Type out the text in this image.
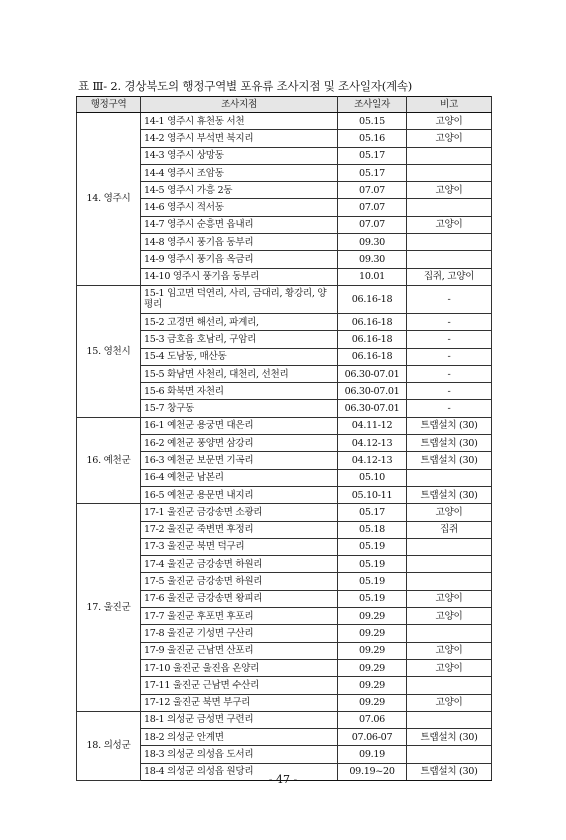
표 Ⅲ- 2. 경상북도의 행정구역별 포유류 조사지점 및 조사일자(계속)
행정구역	조사지점	조사일자	비고
14. 영주시	14-1 영주시 휴천동 서천	05.15	고양이
	14-2 영주시 부석면 북지리	05.16	고양이
	14-3 영주시 상망동	05.17	
	14-4 영주시 조암동	05.17	
	14-5 영주시 가흥 2동	07.07	고양이
	14-6 영주시 적서동	07.07	
	14-7 영주시 순흥면 읍내리	07.07	고양이
	14-8 영주시 풍기읍 동부리	09.30	
	14-9 영주시 풍기읍 옥금리	09.30	
	14-10 영주시 풍기읍 동부리	10.01	집쥐, 고양이
15. 영천시	15-1 임고면 덕연리, 사리, 금대리, 황강리, 양평리	06.16-18	-
	15-2 고경면 해선리, 파계리,	06.16-18	-
	15-3 금호읍 호남리, 구암리	06.16-18	-
	15-4 도남동, 매산동	06.16-18	-
	15-5 화남면 사천리, 대천리, 선천리	06.30-07.01	-
	15-6 화북면 자천리	06.30-07.01	-
	15-7 창구동	06.30-07.01	-
16. 예천군	16-1 예천군 용궁면 대은리	04.11-12	트랩설치 (30)
	16-2 예천군 풍양면 삼강리	04.12-13	트랩설치 (30)
	16-3 예천군 보문면 기곡리	04.12-13	트랩설치 (30)
	16-4 예천군 남본리	05.10	
	16-5 예천군 용문면 내지리	05.10-11	트랩설치 (30)
17. 울진군	17-1 울진군 금강송면 소광리	05.17	고양이
	17-2 울진군 죽변면 후정리	05.18	집쥐
	17-3 울진군 북면 덕구리	05.19	
	17-4 울진군 금강송면 하원리	05.19	
	17-5 울진군 금강송면 하원리	05.19	
	17-6 울진군 금강송면 왕피리	05.19	고양이
	17-7 울진군 후포면 후포리	09.29	고양이
	17-8 울진군 기성면 구산리	09.29	
	17-9 울진군 근남면 산포리	09.29	고양이
	17-10 울진군 울진읍 온양리	09.29	고양이
	17-11 울진군 근남면 수산리	09.29	
	17-12 울진군 북면 부구리	09.29	고양이
18. 의성군	18-1 의성군 금성면 구련리	07.06	
	18-2 의성군 안계면	07.06-07	트랩설치 (30)
	18-3 의성군 의성읍 도서리	09.19	
	18-4 의성군 의성읍 원당리	09.19~20	트랩설치 (30)
- 47 -
